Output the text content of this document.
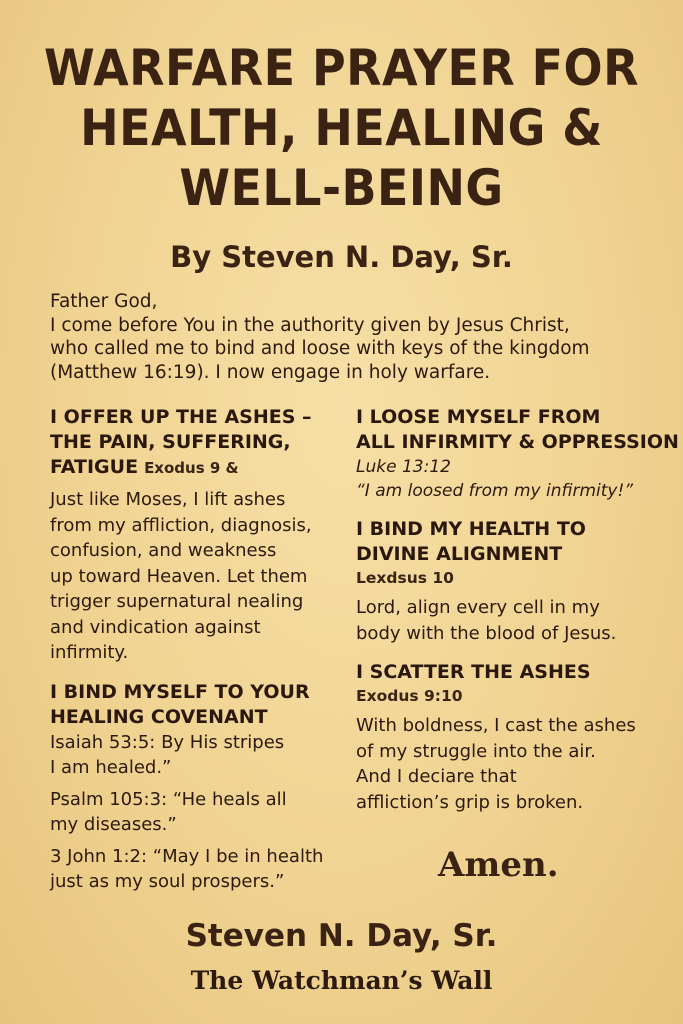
WARFARE PRAYER FOR
HEALTH, HEALING &
WELL-BEING

By Steven N. Day, Sr.

Father God,
I come before You in the authority given by Jesus Christ,
who called me to bind and loose with keys of the kingdom
(Matthew 16:19). I now engage in holy warfare.
I OFFER UP THE ASHES –
THE PAIN, SUFFERING,
FATIGUE Exodus 9 &
Just like Moses, I lift ashes
from my affliction, diagnosis,
confusion, and weakness
up toward Heaven. Let them
trigger supernatural nealing
and vindication against
infirmity.
I BIND MYSELF TO YOUR
HEALING COVENANT
Isaiah 53:5: By His stripes
I am healed.”
Psalm 105:3: “He heals all
my diseases.”
3 John 1:2: “May I be in health
just as my soul prospers.”
I LOOSE MYSELF FROM
ALL INFIRMITY & OPPRESSION
Luke 13:12
“I am loosed from my infirmity!”
I BIND MY HEALTH TO
DIVINE ALIGNMENT
Lexdsus 10
Lord, align every cell in my
body with the blood of Jesus.
I SCATTER THE ASHES
Exodus 9:10
With boldness, I cast the ashes
of my struggle into the air.
And I deciare that
affliction’s grip is broken.

Amen.

Steven N. Day, Sr.

The Watchman’s Wall
